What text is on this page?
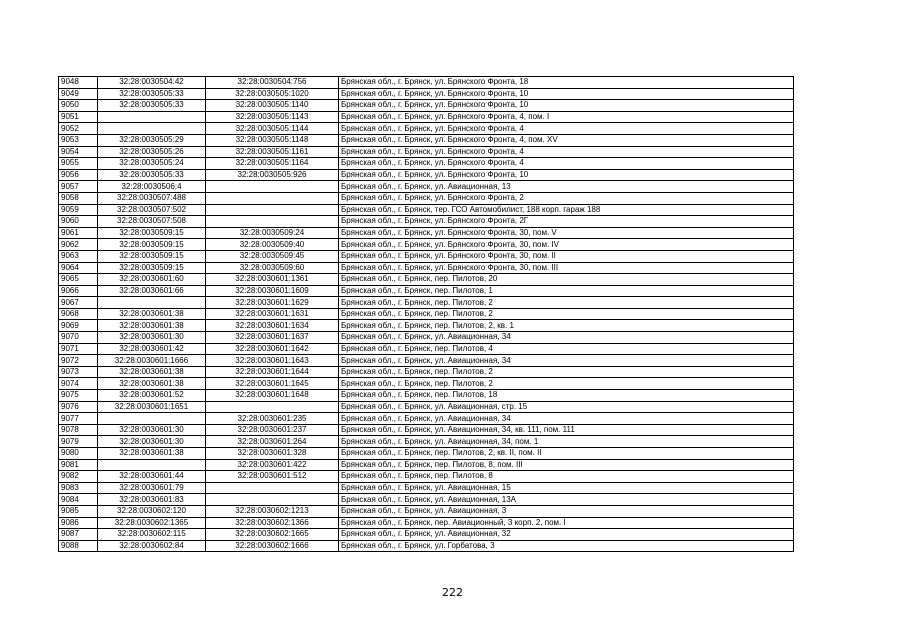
9048	32:28:0030504:42	32:28:0030504:756	Брянская обл., г. Брянск, ул. Брянского Фронта, 18
9049	32:28:0030505:33	32:28:0030505:1020	Брянская обл., г. Брянск, ул. Брянского Фронта, 10
9050	32:28:0030505:33	32:28:0030505:1140	Брянская обл., г. Брянск, ул. Брянского Фронта, 10
9051		32:28:0030505:1143	Брянская обл., г. Брянск, ул. Брянского Фронта, 4, пом. I
9052		32:28:0030505:1144	Брянская обл., г. Брянск, ул. Брянского Фронта, 4
9053	32:28:0030505:29	32:28:0030505:1148	Брянская обл., г. Брянск, ул. Брянского Фронта, 4, пом. XV
9054	32:28:0030505:26	32:28:0030505:1161	Брянская обл., г. Брянск, ул. Брянского Фронта, 4
9055	32:28:0030505:24	32:28:0030505:1164	Брянская обл., г. Брянск, ул. Брянского Фронта, 4
9056	32:28:0030505:33	32:28:0030505:926	Брянская обл., г. Брянск, ул. Брянского Фронта, 10
9057	32:28:0030506:4		Брянская обл., г. Брянск, ул. Авиационная, 13
9058	32:28:0030507:488		Брянская обл., г. Брянск, ул. Брянского Фронта, 2
9059	32:28:0030507:502		Брянская обл., г. Брянск, тер. ГСО Автомобилист, 188 корп. гараж 188
9060	32:28:0030507:508		Брянская обл., г. Брянск, ул. Брянского Фронта, 2Г
9061	32:28:0030509:15	32:28:0030509:24	Брянская обл., г. Брянск, ул. Брянского Фронта, 30, пом. V
9062	32:28:0030509:15	32:28:0030509:40	Брянская обл., г. Брянск, ул. Брянского Фронта, 30, пом. IV
9063	32:28:0030509:15	32:28:0030509:45	Брянская обл., г. Брянск, ул. Брянского Фронта, 30, пом. II
9064	32:28:0030509:15	32:28:0030509:60	Брянская обл., г. Брянск, ул. Брянского Фронта, 30, пом. III
9065	32:28:0030601:60	32:28:0030601:1361	Брянская обл., г. Брянск, пер. Пилотов, 20
9066	32:28:0030601:66	32:28:0030601:1609	Брянская обл., г. Брянск, пер. Пилотов, 1
9067		32:28:0030601:1629	Брянская обл., г. Брянск, пер. Пилотов, 2
9068	32:28:0030601:38	32:28:0030601:1631	Брянская обл., г. Брянск, пер. Пилотов, 2
9069	32:28:0030601:38	32:28:0030601:1634	Брянская обл., г. Брянск, пер. Пилотов, 2, кв. 1
9070	32:28:0030601:30	32:28:0030601:1637	Брянская обл., г. Брянск, ул. Авиационная, 34
9071	32:28:0030601:42	32:28:0030601:1642	Брянская обл., г. Брянск, пер. Пилотов, 4
9072	32:28:0030601:1666	32:28:0030601:1643	Брянская обл., г. Брянск, ул. Авиационная, 34
9073	32:28:0030601:38	32:28:0030601:1644	Брянская обл., г. Брянск, пер. Пилотов, 2
9074	32:28:0030601:38	32:28:0030601:1645	Брянская обл., г. Брянск, пер. Пилотов, 2
9075	32:28:0030601:52	32:28:0030601:1648	Брянская обл., г. Брянск, пер. Пилотов, 18
9076	32:28:0030601:1651		Брянская обл., г. Брянск, ул. Авиационная, стр. 15
9077		32:28:0030601:235	Брянская обл., г. Брянск, ул. Авиационная, 34
9078	32:28:0030601:30	32:28:0030601:237	Брянская обл., г. Брянск, ул. Авиационная, 34, кв. 111, пом. 111
9079	32:28:0030601:30	32:28:0030601:264	Брянская обл., г. Брянск, ул. Авиационная, 34, пом. 1
9080	32:28:0030601:38	32:28:0030601:328	Брянская обл., г. Брянск, пер. Пилотов, 2, кв. II, пом. II
9081		32:28:0030601:422	Брянская обл., г. Брянск, пер. Пилотов, 8, пом. III
9082	32:28:0030601:44	32:28:0030601:512	Брянская обл., г. Брянск, пер. Пилотов, 8
9083	32:28:0030601:79		Брянская обл., г. Брянск, ул. Авиационная, 15
9084	32:28:0030601:83		Брянская обл., г. Брянск, ул. Авиационная, 13А
9085	32:28:0030602:120	32:28:0030602:1213	Брянская обл., г. Брянск, ул. Авиационная, 3
9086	32:28:0030602:1365	32:28:0030602:1366	Брянская обл., г. Брянск, пер. Авиационный, 3 корп. 2, пом. I
9087	32:28:0030602:115	32:28:0030602:1665	Брянская обл., г. Брянск, ул. Авиационная, 32
9088	32:28:0030602:84	32:28:0030602:1666	Брянская обл., г. Брянск, ул. Горбатова, 3
222
